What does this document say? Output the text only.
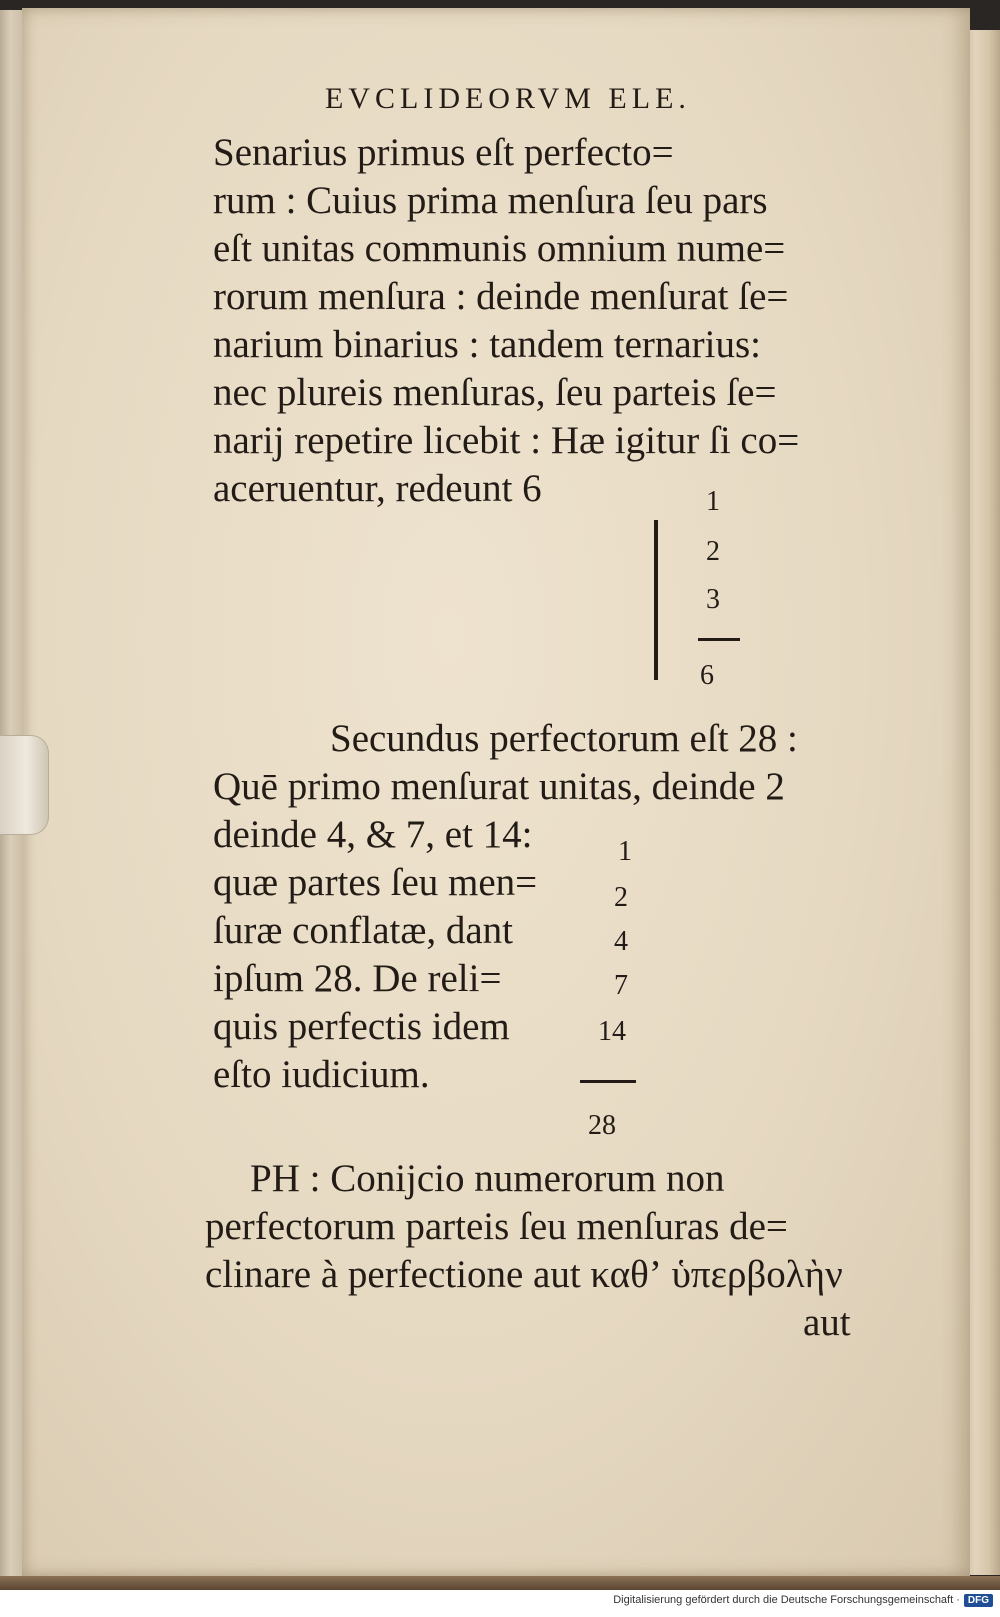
EVCLIDEORVM ELE.
Senarius primus eſt perfecto=
rum : Cuius prima menſura ſeu pars
eſt unitas communis omnium nume=
rorum menſura : deinde menſurat ſe=
narium binarius : tandem ternarius:
nec plureis menſuras, ſeu parteis ſe=
narij repetire licebit : Hæ igitur ſi co=
aceruentur, redeunt 6	1
2
3
6
Secundus perfectorum eſt 28 :
Quē primo menſurat unitas, deinde 2
deinde 4, & 7, et 14:
quæ partes ſeu men=
ſuræ conflatæ, dant
ipſum 28. De reli=
quis perfectis idem
eſto iudicium.
1
2
4
7
14
28
PH : Conijcio numerorum non
perfectorum parteis ſeu menſuras de=
clinare à perfectione aut καθʼ ὑπερβολὴν
aut
Digitalisierung gefördert durch die Deutsche Forschungsgemeinschaft · DFG
